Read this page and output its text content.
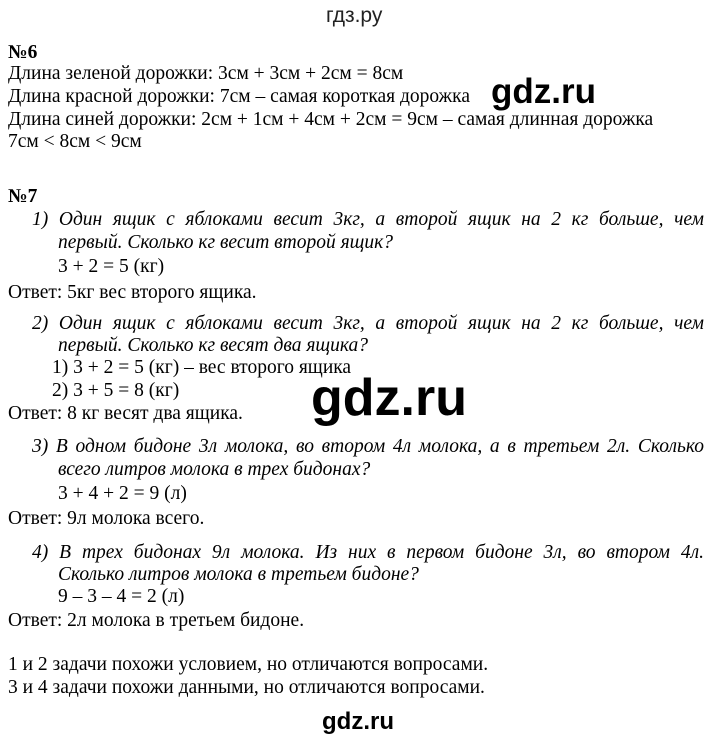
гдз.ру
№6
Длина зеленой дорожки: 3см + 3см + 2см = 8см
Длина красной дорожки: 7см – самая короткая дорожка gdz.ru
Длина синей дорожки: 2см + 1см + 4см + 2см = 9см – самая длинная дорожка
7см < 8см < 9см
№7
1) Один ящик с яблоками весит 3кг, а второй ящик на 2 кг больше, чем
первый. Сколько кг весит второй ящик?
3 + 2 = 5 (кг)
Ответ: 5кг вес второго ящика.
2) Один ящик с яблоками весит 3кг, а второй ящик на 2 кг больше, чем
первый. Сколько кг весят два ящика?
1) 3 + 2 = 5 (кг) – вес второго ящика
2) 3 + 5 = 8 (кг)	gdz.ru
Ответ: 8 кг весят два ящика.
3) В одном бидоне 3л молока, во втором 4л молока, а в третьем 2л. Сколько
всего литров молока в трех бидонах?
3 + 4 + 2 = 9 (л)
Ответ: 9л молока всего.
4) В трех бидонах 9л молока. Из них в первом бидоне 3л, во втором 4л.
Сколько литров молока в третьем бидоне?
9 – 3 – 4 = 2 (л)
Ответ: 2л молока в третьем бидоне.
1 и 2 задачи похожи условием, но отличаются вопросами.
3 и 4 задачи похожи данными, но отличаются вопросами.
gdz.ru
